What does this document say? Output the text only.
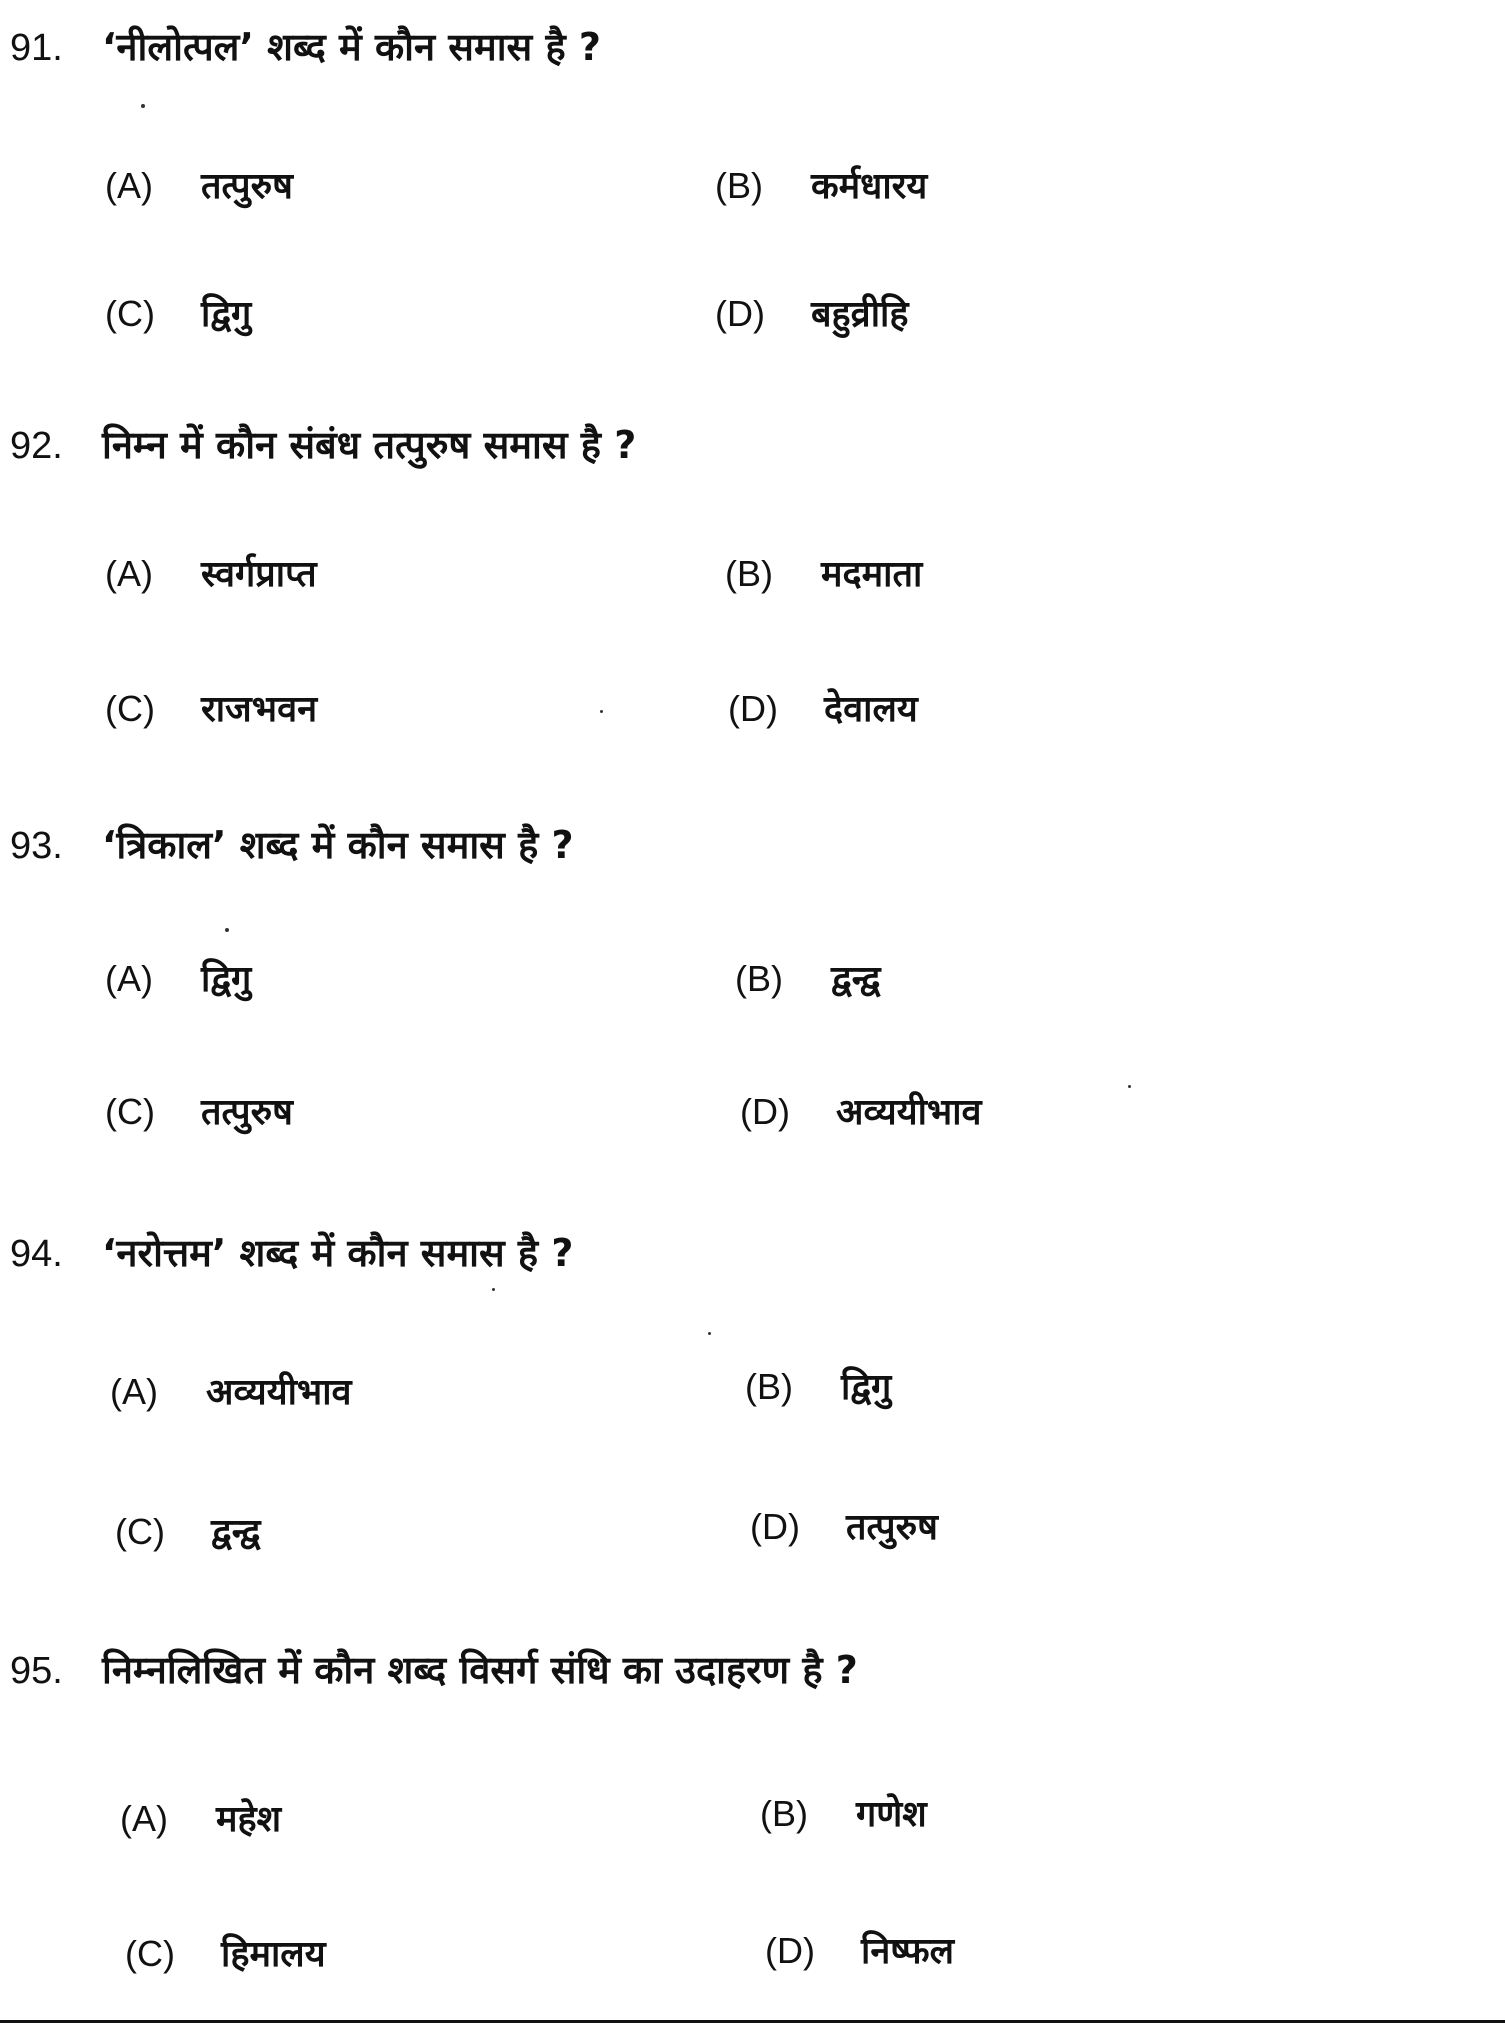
91. ‘नीलोत्पल’ शब्द में कौन समास है ?
(A) तत्पुरुष	(B) कर्मधारय
(C) द्विगु	(D) बहुव्रीहि
92. निम्न में कौन संबंध तत्पुरुष समास है ?
(A) स्वर्गप्राप्त	(B) मदमाता
(C) राजभवन	(D) देवालय
93. ‘त्रिकाल’ शब्द में कौन समास है ?
(A) द्विगु	(B) द्वन्द्व
(C) तत्पुरुष	(D) अव्ययीभाव
94. ‘नरोत्तम’ शब्द में कौन समास है ?
(A) अव्ययीभाव	(B) द्विगु
(C) द्वन्द्व	(D) तत्पुरुष
95. निम्नलिखित में कौन शब्द विसर्ग संधि का उदाहरण है ?
(A) महेश	(B) गणेश
(C) हिमालय	(D) निष्फल
